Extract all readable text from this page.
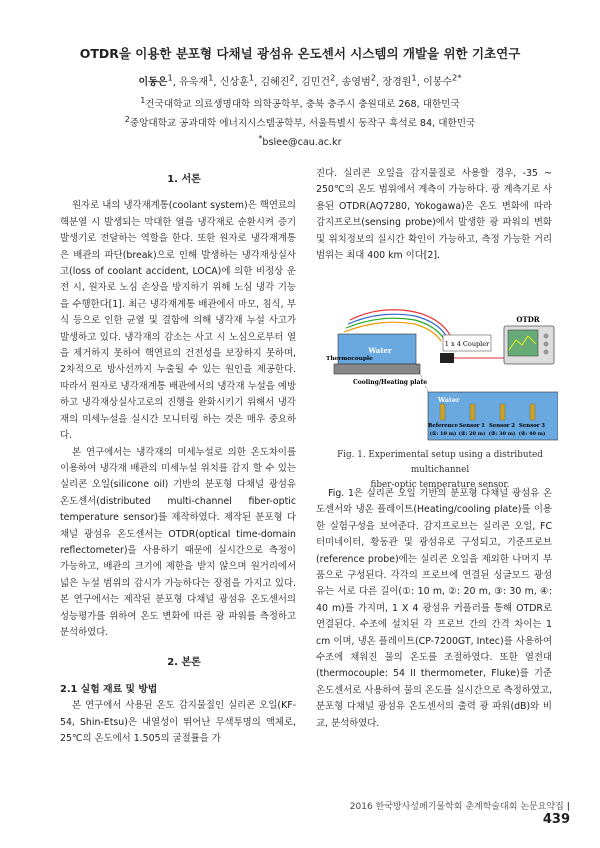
OTDR을 이용한 분포형 다채널 광섬유 온도센서 시스템의 개발을 위한 기초연구
이동은$^1$, 유욱재$^1$, 신상훈$^1$, 김혜진$^2$, 김민건$^2$, 송영범$^2$, 장경원$^1$, 이봉수$^{2*}$
$^1$건국대학교 의료생명대학 의학공학부, 충북 충주시 충원대로 268, 대한민국
$^2$중앙대학교 공과대학 에너지시스템공학부, 서울특별시 동작구 흑석로 84, 대한민국
*bslee@cau.ac.kr

1. 서론

원자로 내의 냉각재계통(coolant system)은 핵연료의 핵분열 시 발생되는 막대한 열을 냉각재로 순환시켜 증기발생기로 전달하는 역할을 한다. 또한 원자로 냉각재계통은 배관의 파단(break)으로 인해 발생하는 냉각재상실사고(loss of coolant accident, LOCA)에 의한 비정상 운전 시, 원자로 노심 손상을 방지하기 위해 노심 냉각 기능을 수행한다[1]. 최근 냉각재계통 배관에서 마모, 침식, 부식 등으로 인한 균열 및 결함에 의해 냉각재 누설 사고가 발생하고 있다. 냉각재의 감소는 사고 시 노심으로부터 열을 제거하지 못하여 핵연료의 건전성을 보장하지 못하며, 2차적으로 방사선까지 누출될 수 있는 원인을 제공한다. 따라서 원자로 냉각재계통 배관에서의 냉각재 누설을 예방하고 냉각재상실사고로의 진행을 완화시키기 위해서 냉각재의 미세누설을 실시간 모니터링 하는 것은 매우 중요하다.

본 연구에서는 냉각재의 미세누설로 의한 온도차이를 이용하여 냉각재 배관의 미세누설 위치를 감지 할 수 있는 실리콘 오일(silicone oil) 기반의 분포형 다채널 광섬유 온도센서(distributed multi-channel fiber-optic temperature sensor)를 제작하였다. 제작된 분포형 다채널 광섬유 온도센서는 OTDR(optical time-domain reflectometer)을 사용하기 때문에 실시간으로 측정이 가능하고, 배관의 크기에 제한을 받지 않으며 원거리에서 넓은 누설 범위의 감시가 가능하다는 장점을 가지고 있다. 본 연구에서는 제작된 분포형 다채널 광섬유 온도센서의 성능평가를 위하여 온도 변화에 따른 광 파워를 측정하고 분석하였다.

2. 본론

2.1 실험 재료 및 방법

본 연구에서 사용된 온도 감지물질인 실리콘 오일(KF-54, Shin-Etsu)은 내열성이 뛰어난 무색투명의 액체로, 25℃의 온도에서 1.505의 굴절률을 가

진다. 실리콘 오일을 감지물질로 사용할 경우, -35 ~ 250℃의 온도 범위에서 계측이 가능하다. 광 계측기로 사용된 OTDR(AQ7280, Yokogawa)은 온도 변화에 따라 감지프로브(sensing probe)에서 발생한 광 파워의 변화 및 위치정보의 실시간 확인이 가능하고, 측정 가능한 거리 범위는 최대 400 km 이다[2].

1 x 4 Coupler
OTDR
Water
Thermocouple
Cooling/Heating plate
Water
Reference Sensor 1 Sensor 2 Sensor 3
(①: 10 m) (②: 20 m) (③: 30 m) (④: 40 m)
Fig. 1. Experimental setup using a distributed multichannel
fiber-optic temperature sensor.

Fig. 1은 실리콘 오일 기반의 분포형 다채널 광섬유 온도센서와 냉온 플레이트(Heating/cooling plate)를 이용한 실험구성을 보여준다. 감지프로브는 실리콘 오일, FC 터미네이터, 황동관 및 광섬유로 구성되고, 기준프로브(reference probe)에는 실리콘 오일을 제외한 나머지 부품으로 구성된다. 각각의 프로브에 연결된 싱글모드 광섬유는 서로 다른 길이(①: 10 m, ②: 20 m, ③: 30 m, ④: 40 m)를 가지며, 1 X 4 광섬유 커플러를 통해 OTDR로 연결된다. 수조에 설치된 각 프로브 간의 간격 차이는 1 cm 이며, 냉온 플레이트(CP-7200GT, Intec)를 사용하여 수조에 채워진 물의 온도를 조절하였다. 또한 열전대(thermocouple: 54 II thermometer, Fluke)를 기준 온도센서로 사용하여 물의 온도를 실시간으로 측정하였고, 분포형 다채널 광섬유 온도센서의 출력 광 파워(dB)와 비교, 분석하였다.

2016 한국방사성폐기물학회 춘계학술대회 논문요약집 | 439
